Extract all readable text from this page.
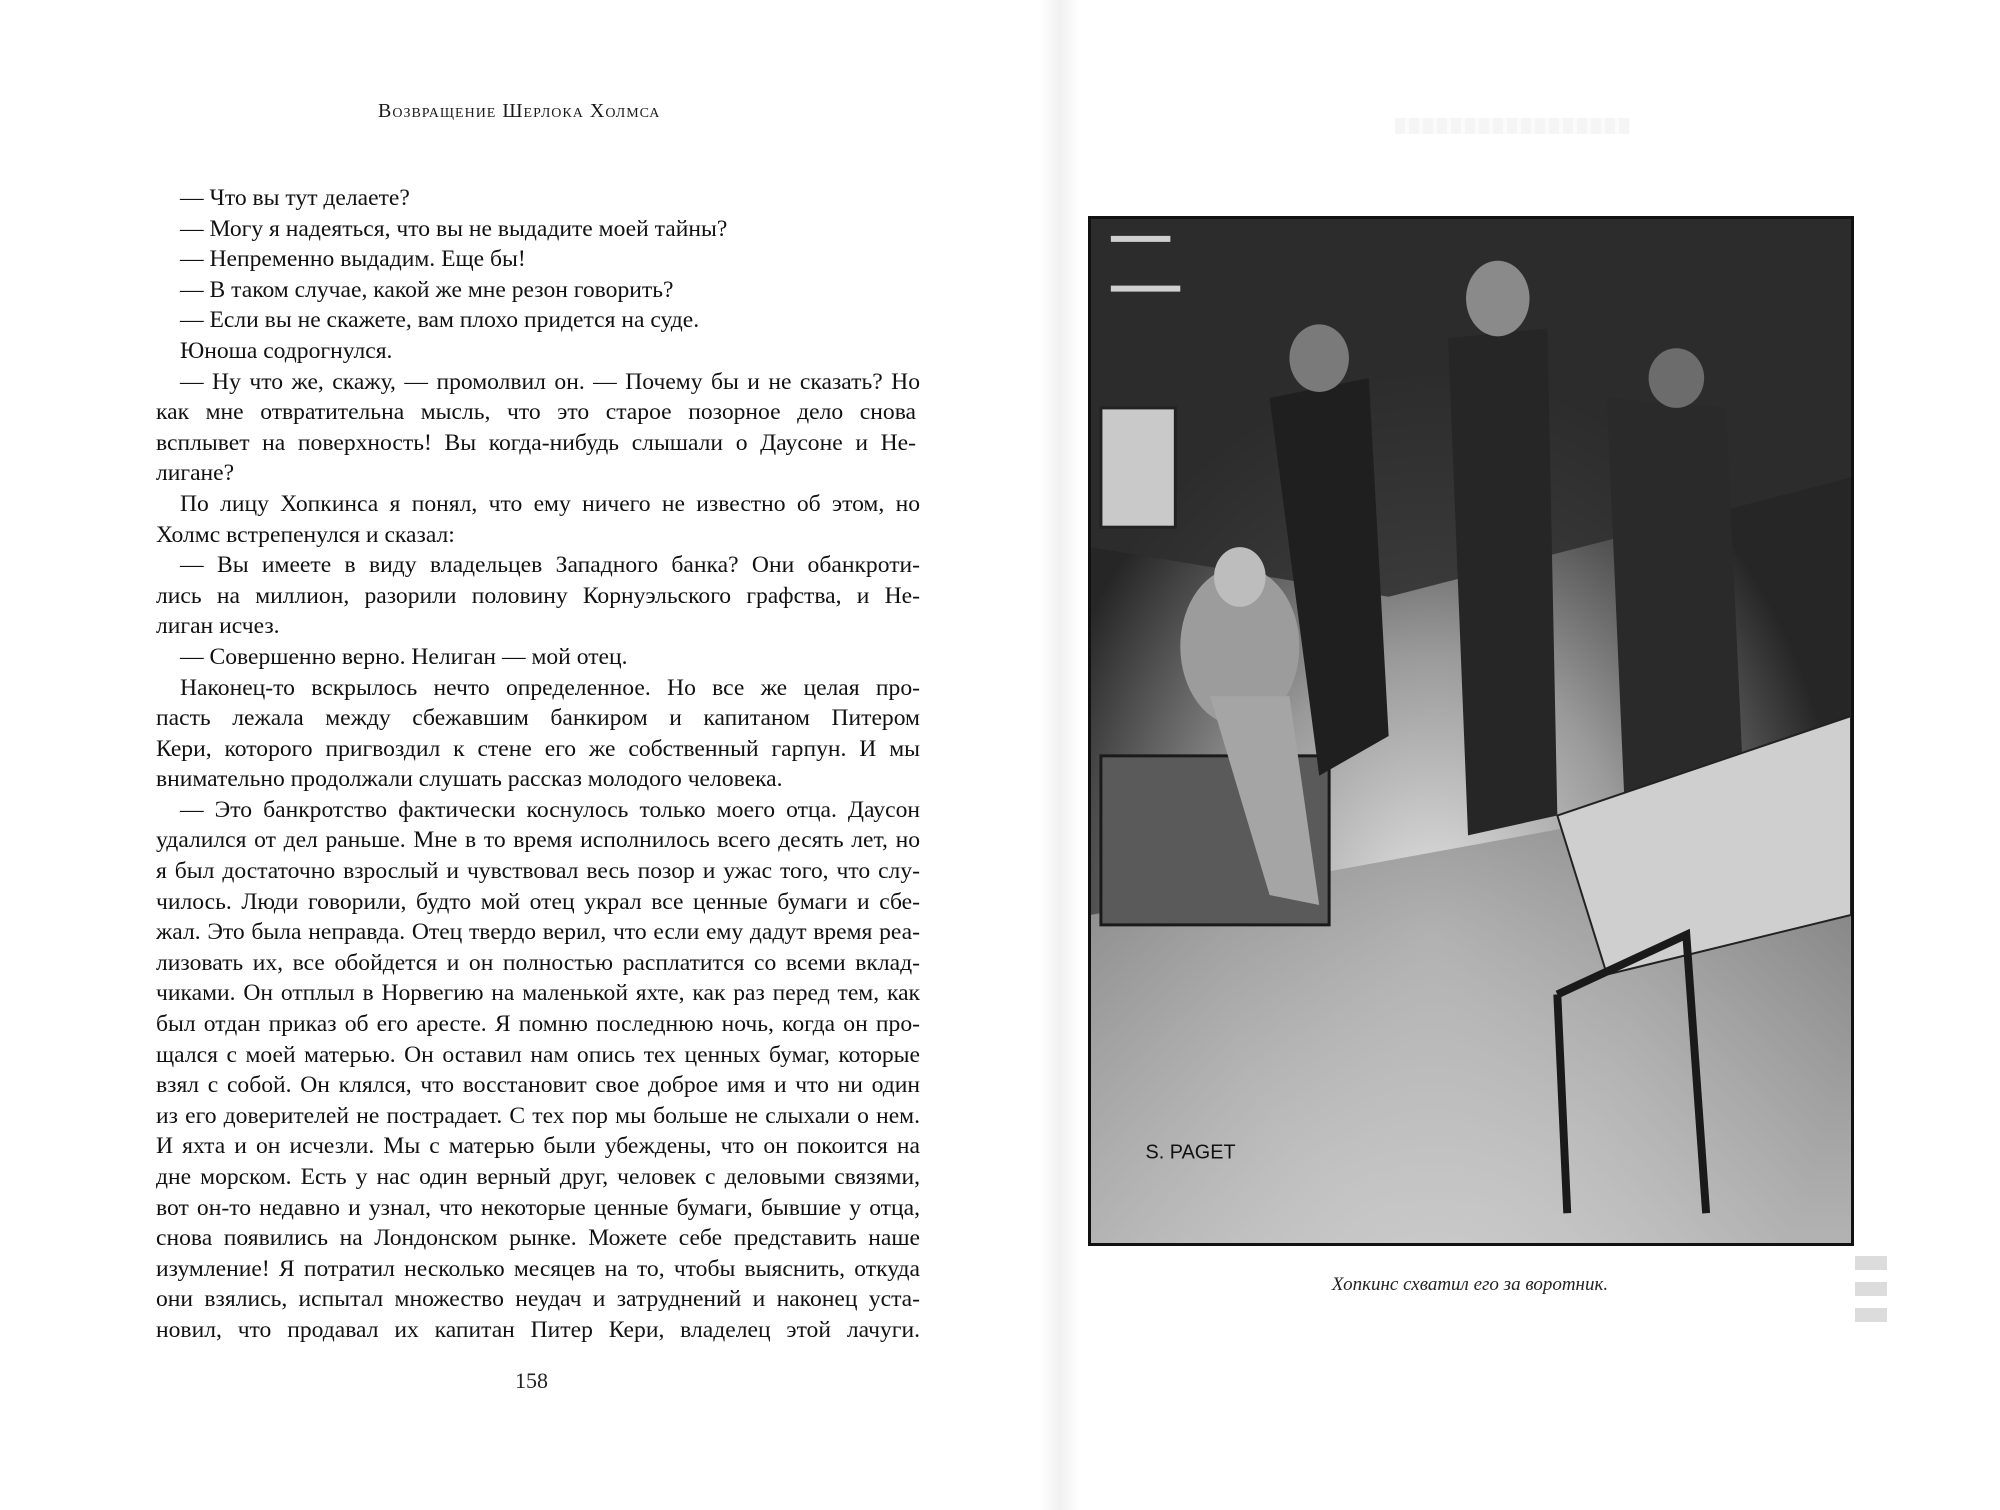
Возвращение Шерлока Холмса
— Что вы тут делаете?
— Могу я надеяться, что вы не выдадите моей тайны?
— Непременно выдадим. Еще бы!
— В таком случае, какой же мне резон говорить?
— Если вы не скажете, вам плохо придется на суде.
Юноша содрогнулся.
— Ну что же, скажу, — промолвил он. — Почему бы и не сказать? Но
как мне отвратительна мысль, что это старое позорное дело снова
всплывет на поверхность! Вы когда-нибудь слышали о Даусоне и Не-
лигане?
По лицу Хопкинса я понял, что ему ничего не известно об этом, но
Холмс встрепенулся и сказал:
— Вы имеете в виду владельцев Западного банка? Они обанкроти-
лись на миллион, разорили половину Корнуэльского графства, и Не-
лиган исчез.
— Совершенно верно. Нелиган — мой отец.
Наконец-то вскрылось нечто определенное. Но все же целая про-
пасть лежала между сбежавшим банкиром и капитаном Питером
Кери, которого пригвоздил к стене его же собственный гарпун. И мы
внимательно продолжали слушать рассказ молодого человека.
— Это банкротство фактически коснулось только моего отца. Даусон
удалился от дел раньше. Мне в то время исполнилось всего десять лет, но
я был достаточно взрослый и чувствовал весь позор и ужас того, что слу-
чилось. Люди говорили, будто мой отец украл все ценные бумаги и сбе-
жал. Это была неправда. Отец твердо верил, что если ему дадут время реа-
лизовать их, все обойдется и он полностью расплатится со всеми вклад-
чиками. Он отплыл в Норвегию на маленькой яхте, как раз перед тем, как
был отдан приказ об его аресте. Я помню последнюю ночь, когда он про-
щался с моей матерью. Он оставил нам опись тех ценных бумаг, которые
взял с собой. Он клялся, что восстановит свое доброе имя и что ни один
из его доверителей не пострадает. С тех пор мы больше не слыхали о нем.
И яхта и он исчезли. Мы с матерью были убеждены, что он покоится на
дне морском. Есть у нас один верный друг, человек с деловыми связями,
вот он-то недавно и узнал, что некоторые ценные бумаги, бывшие у отца,
снова появились на Лондонском рынке. Можете себе представить наше
изумление! Я потратил несколько месяцев на то, чтобы выяснить, откуда
они взялись, испытал множество неудач и затруднений и наконец уста-
новил, что продавал их капитан Питер Кери, владелец этой лачуги.
158
S. PAGET
Хопкинс схватил его за воротник.
